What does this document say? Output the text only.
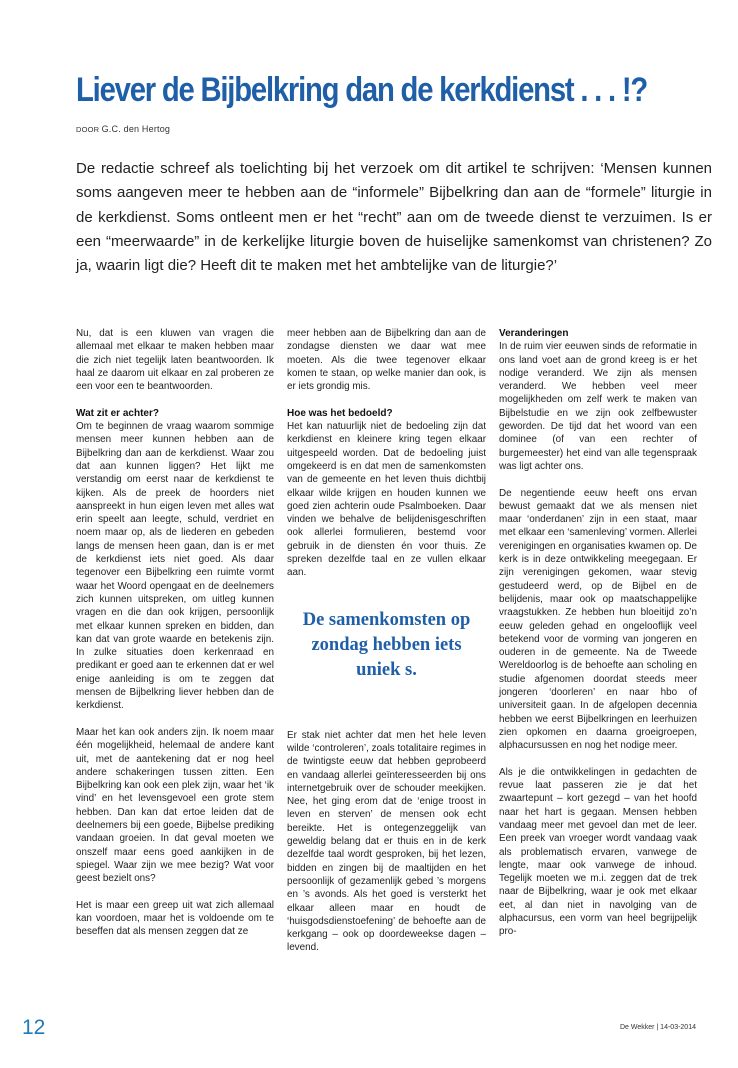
Liever de Bijbelkring dan de kerkdienst . . . !?
DOOR G.C. den Hertog

De redactie schreef als toelichting bij het verzoek om dit artikel te schrijven: ‘Mensen kunnen soms aangeven meer te hebben aan de “informele” Bijbelkring dan aan de “formele” liturgie in de kerkdienst. Soms ontleent men er het “recht” aan om de tweede dienst te verzuimen. Is er een “meerwaarde” in de kerkelijke liturgie boven de huiselijke samenkomst van christenen? Zo ja, waarin ligt die? Heeft dit te maken met het ambtelijke van de liturgie?’

Nu, dat is een kluwen van vragen die allemaal met elkaar te maken hebben maar die zich niet tegelijk laten beantwoorden. Ik haal ze daarom uit elkaar en zal proberen ze een voor een te beantwoorden.

Wat zit er achter?

Om te beginnen de vraag waarom sommige mensen meer kunnen hebben aan de Bijbelkring dan aan de kerkdienst. Waar zou dat aan kunnen liggen? Het lijkt me verstandig om eerst naar de kerkdienst te kijken. Als de preek de hoorders niet aanspreekt in hun eigen leven met alles wat erin speelt aan leegte, schuld, verdriet en noem maar op, als de liederen en gebeden langs de mensen heen gaan, dan is er met de kerkdienst iets niet goed. Als daar tegenover een Bijbelkring een ruimte vormt waar het Woord opengaat en de deelnemers zich kunnen uitspreken, om uitleg kunnen vragen en die dan ook krijgen, persoonlijk met elkaar kunnen spreken en bidden, dan kan dat van grote waarde en betekenis zijn. In zulke situaties doen kerkenraad en predikant er goed aan te erkennen dat er wel enige aanleiding is om te zeggen dat mensen de Bijbelkring liever hebben dan de kerkdienst.

Maar het kan ook anders zijn. Ik noem maar één mogelijkheid, helemaal de andere kant uit, met de aantekening dat er nog heel andere schakeringen tussen zitten. Een Bijbelkring kan ook een plek zijn, waar het ‘ik vind’ en het levensgevoel een grote stem hebben. Dan kan dat ertoe leiden dat de deelnemers bij een goede, Bijbelse prediking vandaan groeien. In dat geval moeten we onszelf maar eens goed aankijken in de spiegel. Waar zijn we mee bezig? Wat voor geest bezielt ons?

Het is maar een greep uit wat zich allemaal kan voordoen, maar het is voldoende om te beseffen dat als mensen zeggen dat ze

meer hebben aan de Bijbelkring dan aan de zondagse diensten we daar wat mee moeten. Als die twee tegenover elkaar komen te staan, op welke manier dan ook, is er iets grondig mis.

Hoe was het bedoeld?

Het kan natuurlijk niet de bedoeling zijn dat kerkdienst en kleinere kring tegen elkaar uitgespeeld worden. Dat de bedoeling juist omgekeerd is en dat men de samenkomsten van de gemeente en het leven thuis dichtbij elkaar wilde krijgen en houden kunnen we goed zien achterin oude Psalmboeken. Daar vinden we behalve de belijdenisgeschriften ook allerlei formulieren, bestemd voor gebruik in de diensten én voor thuis. Ze spreken dezelfde taal en ze vullen elkaar aan.

De samenkomsten op zondag hebben iets uniek s.

Er stak niet achter dat men het hele leven wilde ‘controleren’, zoals totalitaire regimes in de twintigste eeuw dat hebben geprobeerd en vandaag allerlei geïnteresseerden bij ons internetgebruik over de schouder meekijken. Nee, het ging erom dat de ‘enige troost in leven en sterven’ de mensen ook echt bereikte. Het is ontegenzeggelijk van geweldig belang dat er thuis en in de kerk dezelfde taal wordt gesproken, bij het lezen, bidden en zingen bij de maaltijden en het persoonlijk of gezamenlijk gebed ’s morgens en ’s avonds. Als het goed is versterkt het elkaar alleen maar en houdt de ‘huisgodsdienstoefening’ de behoefte aan de kerkgang – ook op doordeweekse dagen – levend.

Veranderingen

In de ruim vier eeuwen sinds de reformatie in ons land voet aan de grond kreeg is er het nodige veranderd. We zijn als mensen veranderd. We hebben veel meer mogelijkheden om zelf werk te maken van Bijbelstudie en we zijn ook zelfbewuster geworden. De tijd dat het woord van een dominee (of van een rechter of burgemeester) het eind van alle tegenspraak was ligt achter ons.

De negentiende eeuw heeft ons ervan bewust gemaakt dat we als mensen niet maar ‘onderdanen’ zijn in een staat, maar met elkaar een ‘samenleving’ vormen. Allerlei verenigingen en organisaties kwamen op. De kerk is in deze ontwikkeling meegegaan. Er zijn verenigingen gekomen, waar stevig gestudeerd werd, op de Bijbel en de belijdenis, maar ook op maatschappelijke vraagstukken. Ze hebben hun bloeitijd zo’n eeuw geleden gehad en ongelooflijk veel betekend voor de vorming van jongeren en ouderen in de gemeente. Na de Tweede Wereldoorlog is de behoefte aan scholing en studie afgenomen doordat steeds meer jongeren ‘doorleren’ en naar hbo of universiteit gaan. In de afgelopen decennia hebben we eerst Bijbelkringen en leerhuizen zien opkomen en daarna groeigroepen, alphacursussen en nog het nodige meer.

Als je die ontwikkelingen in gedachten de revue laat passeren zie je dat het zwaartepunt – kort gezegd – van het hoofd naar het hart is gegaan. Mensen hebben vandaag meer met gevoel dan met de leer. Een preek van vroeger wordt vandaag vaak als problematisch ervaren, vanwege de lengte, maar ook vanwege de inhoud. Tegelijk moeten we m.i. zeggen dat de trek naar de Bijbelkring, waar je ook met elkaar eet, al dan niet in navolging van de alphacursus, een vorm van heel begrijpelijk pro-

12	De Wekker | 14-03-2014
